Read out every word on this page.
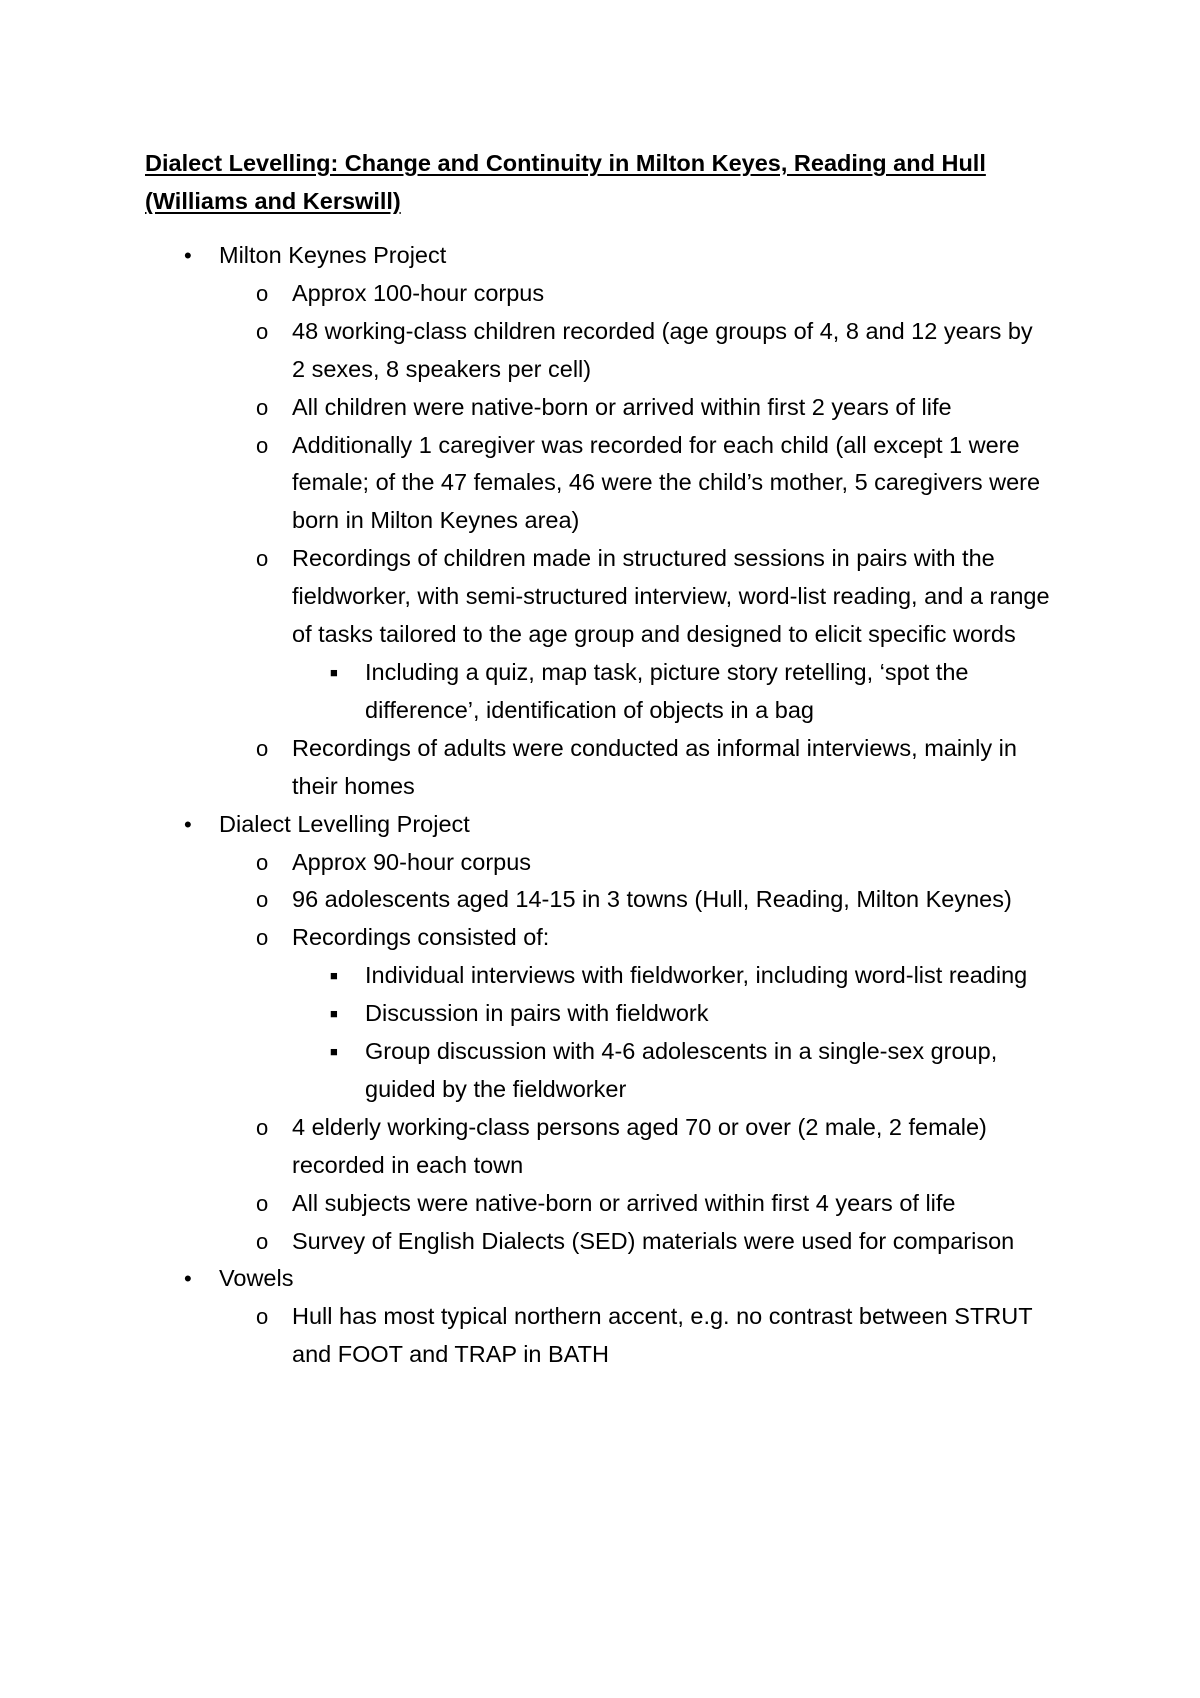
Dialect Levelling: Change and Continuity in Milton Keyes, Reading and Hull (Williams and Kerswill)
• Milton Keynes Project
o Approx 100-hour corpus
o 48 working-class children recorded (age groups of 4, 8 and 12 years by 2 sexes, 8 speakers per cell)
o All children were native-born or arrived within first 2 years of life
o Additionally 1 caregiver was recorded for each child (all except 1 were female; of the 47 females, 46 were the child’s mother, 5 caregivers were born in Milton Keynes area)
o Recordings of children made in structured sessions in pairs with the fieldworker, with semi-structured interview, word-list reading, and a range of tasks tailored to the age group and designed to elicit specific words
■ Including a quiz, map task, picture story retelling, ‘spot the difference’, identification of objects in a bag
o Recordings of adults were conducted as informal interviews, mainly in their homes
• Dialect Levelling Project
o Approx 90-hour corpus
o 96 adolescents aged 14-15 in 3 towns (Hull, Reading, Milton Keynes)
o Recordings consisted of:
■ Individual interviews with fieldworker, including word-list reading
■ Discussion in pairs with fieldwork
■ Group discussion with 4-6 adolescents in a single-sex group, guided by the fieldworker
o 4 elderly working-class persons aged 70 or over (2 male, 2 female) recorded in each town
o All subjects were native-born or arrived within first 4 years of life
o Survey of English Dialects (SED) materials were used for comparison
• Vowels
o Hull has most typical northern accent, e.g. no contrast between STRUT and FOOT and TRAP in BATH
